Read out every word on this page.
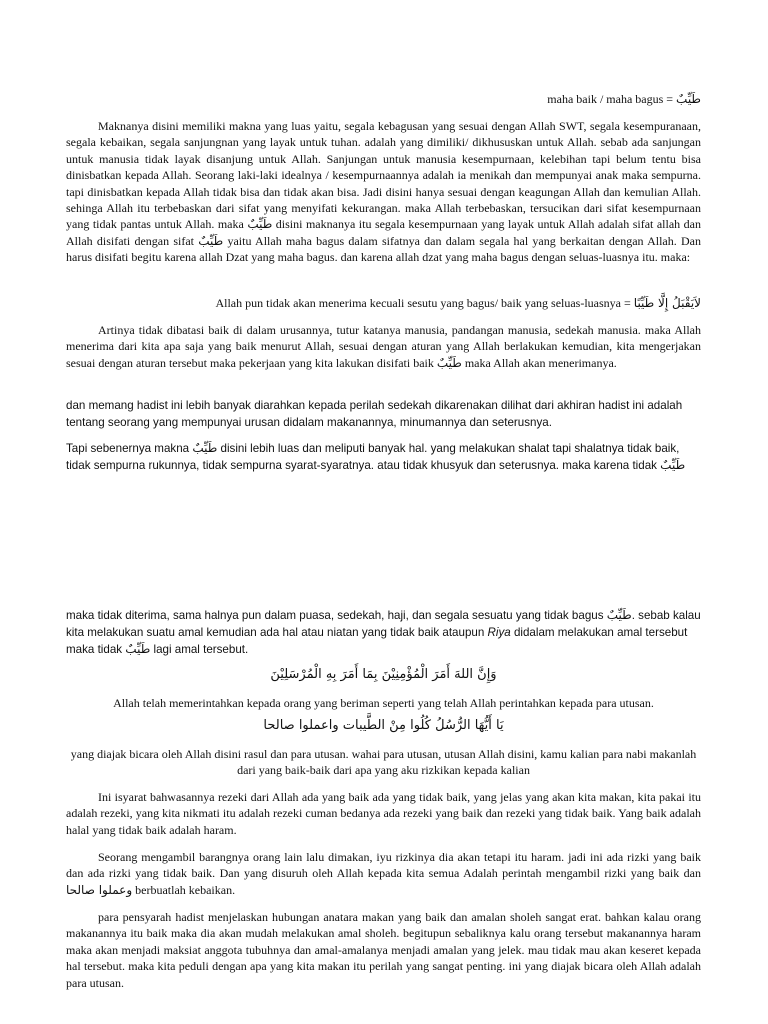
maha baik / maha bagus = طَيِّبٌ

Maknanya disini memiliki makna yang luas yaitu, segala kebagusan yang sesuai dengan Allah SWT, segala kesempuranaan, segala kebaikan, segala sanjungnan yang layak untuk tuhan. adalah yang dimiliki/ dikhususkan untuk Allah. sebab ada sanjungan untuk manusia tidak layak disanjung untuk Allah. Sanjungan untuk manusia kesempurnaan, kelebihan tapi belum tentu bisa dinisbatkan kepada Allah. Seorang laki-laki idealnya / kesempurnaannya adalah ia menikah dan mempunyai anak maka sempurna. tapi dinisbatkan kepada Allah tidak bisa dan tidak akan bisa. Jadi disini hanya sesuai dengan keagungan Allah dan kemulian Allah. sehinga Allah itu terbebaskan dari sifat yang menyifati kekurangan. maka Allah terbebaskan, tersucikan dari sifat kesempurnaan yang tidak pantas untuk Allah. maka طَيِّبٌ disini maknanya itu segala kesempurnaan yang layak untuk Allah adalah sifat allah dan Allah disifati dengan sifat طَيِّبٌ yaitu Allah maha bagus dalam sifatnya dan dalam segala hal yang berkaitan dengan Allah. Dan harus disifati begitu karena allah Dzat yang maha bagus. dan karena allah dzat yang maha bagus dengan seluas-luasnya itu. maka:

Allah pun tidak akan menerima kecuali sesutu yang bagus/ baik yang seluas-luasnya = لاَيَقْبَلُ إِلَّا طَيِّبًا

Artinya tidak dibatasi baik di dalam urusannya, tutur katanya manusia, pandangan manusia, sedekah manusia. maka Allah menerima dari kita apa saja yang baik menurut Allah, sesuai dengan aturan yang Allah berlakukan kemudian, kita mengerjakan sesuai dengan aturan tersebut maka pekerjaan yang kita lakukan disifati baik طَيِّبٌ maka Allah akan menerimanya.

dan memang hadist ini lebih banyak diarahkan kepada perilah sedekah dikarenakan dilihat dari akhiran hadist ini adalah tentang seorang yang mempunyai urusan didalam makanannya, minumannya dan seterusnya.

Tapi sebenernya makna طَيِّبٌ disini lebih luas dan meliputi banyak hal. yang melakukan shalat tapi shalatnya tidak baik, tidak sempurna rukunnya, tidak sempurna syarat-syaratnya. atau tidak khusyuk dan seterusnya. maka karena tidak طَيِّبٌ

maka tidak diterima, sama halnya pun dalam puasa, sedekah, haji, dan segala sesuatu yang tidak bagus طَيِّبٌ. sebab kalau kita melakukan suatu amal kemudian ada hal atau niatan yang tidak baik ataupun Riya didalam melakukan amal tersebut maka tidak طَيِّبٌ lagi amal tersebut.

وَإِنَّ اللهَ أَمَرَ الْمُؤْمِنِيْنَ بِمَا أَمَرَ بِهِ الْمُرْسَلِيْنَ

Allah telah memerintahkan kepada orang yang beriman seperti yang telah Allah perintahkan kepada para utusan.

يَا أَيُّهَا الرُّسُلُ كُلُوا مِنْ الطَّيبات واعملوا صالحا

yang diajak bicara oleh Allah disini rasul dan para utusan. wahai para utusan, utusan Allah disini, kamu kalian para nabi makanlah dari yang baik-baik dari apa yang aku rizkikan kepada kalian

Ini isyarat bahwasannya rezeki dari Allah ada yang baik ada yang tidak baik, yang jelas yang akan kita makan, kita pakai itu adalah rezeki, yang kita nikmati itu adalah rezeki cuman bedanya ada rezeki yang baik dan rezeki yang tidak baik. Yang baik adalah halal yang tidak baik adalah haram.

Seorang mengambil barangnya orang lain lalu dimakan, iyu rizkinya dia akan tetapi itu haram. jadi ini ada rizki yang baik dan ada rizki yang tidak baik. Dan yang disuruh oleh Allah kepada kita semua Adalah perintah mengambil rizki yang baik dan وعملوا صالحا berbuatlah kebaikan.

para pensyarah hadist menjelaskan hubungan anatara makan yang baik dan amalan sholeh sangat erat. bahkan kalau orang makanannya itu baik maka dia akan mudah melakukan amal sholeh. begitupun sebaliknya kalu orang tersebut makanannya haram maka akan menjadi maksiat anggota tubuhnya dan amal-amalanya menjadi amalan yang jelek. mau tidak mau akan keseret kepada hal tersebut. maka kita peduli dengan apa yang kita makan itu perilah yang sangat penting. ini yang diajak bicara oleh Allah adalah para utusan.
